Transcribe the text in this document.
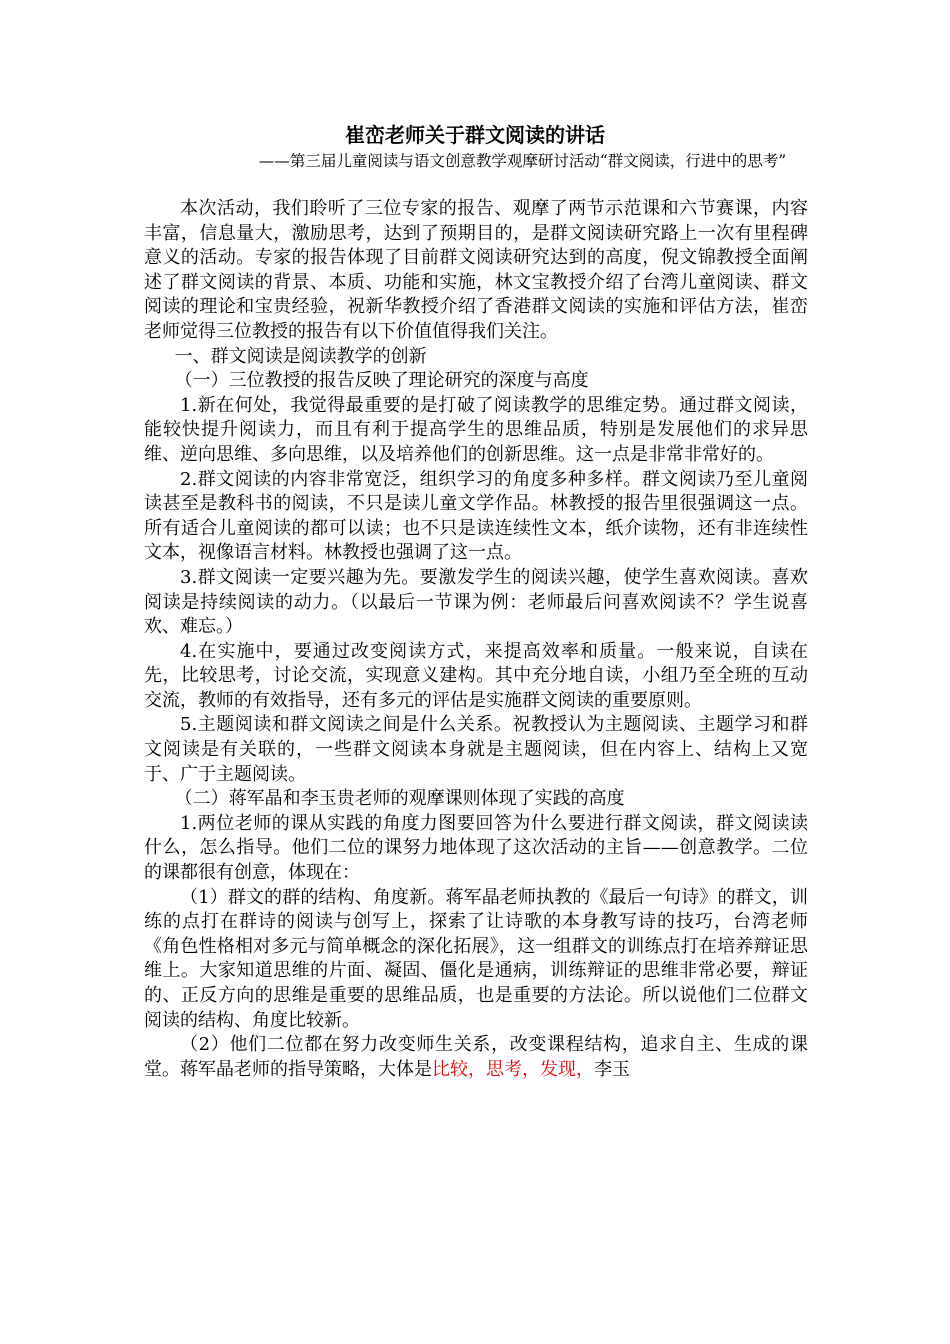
崔峦老师关于群文阅读的讲话
——第三届儿童阅读与语文创意教学观摩研讨活动“群文阅读，行进中的思考”

本次活动，我们聆听了三位专家的报告、观摩了两节示范课和六节赛课，内容丰富，信息量大，激励思考，达到了预期目的，是群文阅读研究路上一次有里程碑意义的活动。专家的报告体现了目前群文阅读研究达到的高度，倪文锦教授全面阐述了群文阅读的背景、本质、功能和实施，林文宝教授介绍了台湾儿童阅读、群文阅读的理论和宝贵经验，祝新华教授介绍了香港群文阅读的实施和评估方法，崔峦老师觉得三位教授的报告有以下价值值得我们关注。

一、群文阅读是阅读教学的创新

（一）三位教授的报告反映了理论研究的深度与高度

1.新在何处，我觉得最重要的是打破了阅读教学的思维定势。通过群文阅读，能较快提升阅读力，而且有利于提高学生的思维品质，特别是发展他们的求异思维、逆向思维、多向思维，以及培养他们的创新思维。这一点是非常非常好的。

2.群文阅读的内容非常宽泛，组织学习的角度多种多样。群文阅读乃至儿童阅读甚至是教科书的阅读，不只是读儿童文学作品。林教授的报告里很强调这一点。所有适合儿童阅读的都可以读；也不只是读连续性文本，纸介读物，还有非连续性文本，视像语言材料。林教授也强调了这一点。

3.群文阅读一定要兴趣为先。要激发学生的阅读兴趣，使学生喜欢阅读。喜欢阅读是持续阅读的动力。（以最后一节课为例：老师最后问喜欢阅读不？学生说喜欢、难忘。）

4.在实施中，要通过改变阅读方式，来提高效率和质量。一般来说，自读在先，比较思考，讨论交流，实现意义建构。其中充分地自读，小组乃至全班的互动交流，教师的有效指导，还有多元的评估是实施群文阅读的重要原则。

5.主题阅读和群文阅读之间是什么关系。祝教授认为主题阅读、主题学习和群文阅读是有关联的，一些群文阅读本身就是主题阅读，但在内容上、结构上又宽于、广于主题阅读。

（二）蒋军晶和李玉贵老师的观摩课则体现了实践的高度

1.两位老师的课从实践的角度力图要回答为什么要进行群文阅读，群文阅读读什么，怎么指导。他们二位的课努力地体现了这次活动的主旨——创意教学。二位的课都很有创意，体现在：

（1）群文的群的结构、角度新。蒋军晶老师执教的《最后一句诗》的群文，训练的点打在群诗的阅读与创写上，探索了让诗歌的本身教写诗的技巧，台湾老师《角色性格相对多元与简单概念的深化拓展》，这一组群文的训练点打在培养辩证思维上。大家知道思维的片面、凝固、僵化是通病，训练辩证的思维非常必要，辩证的、正反方向的思维是重要的思维品质，也是重要的方法论。所以说他们二位群文阅读的结构、角度比较新。

（2）他们二位都在努力改变师生关系，改变课程结构，追求自主、生成的课堂。蒋军晶老师的指导策略，大体是比较，思考，发现，李玉
